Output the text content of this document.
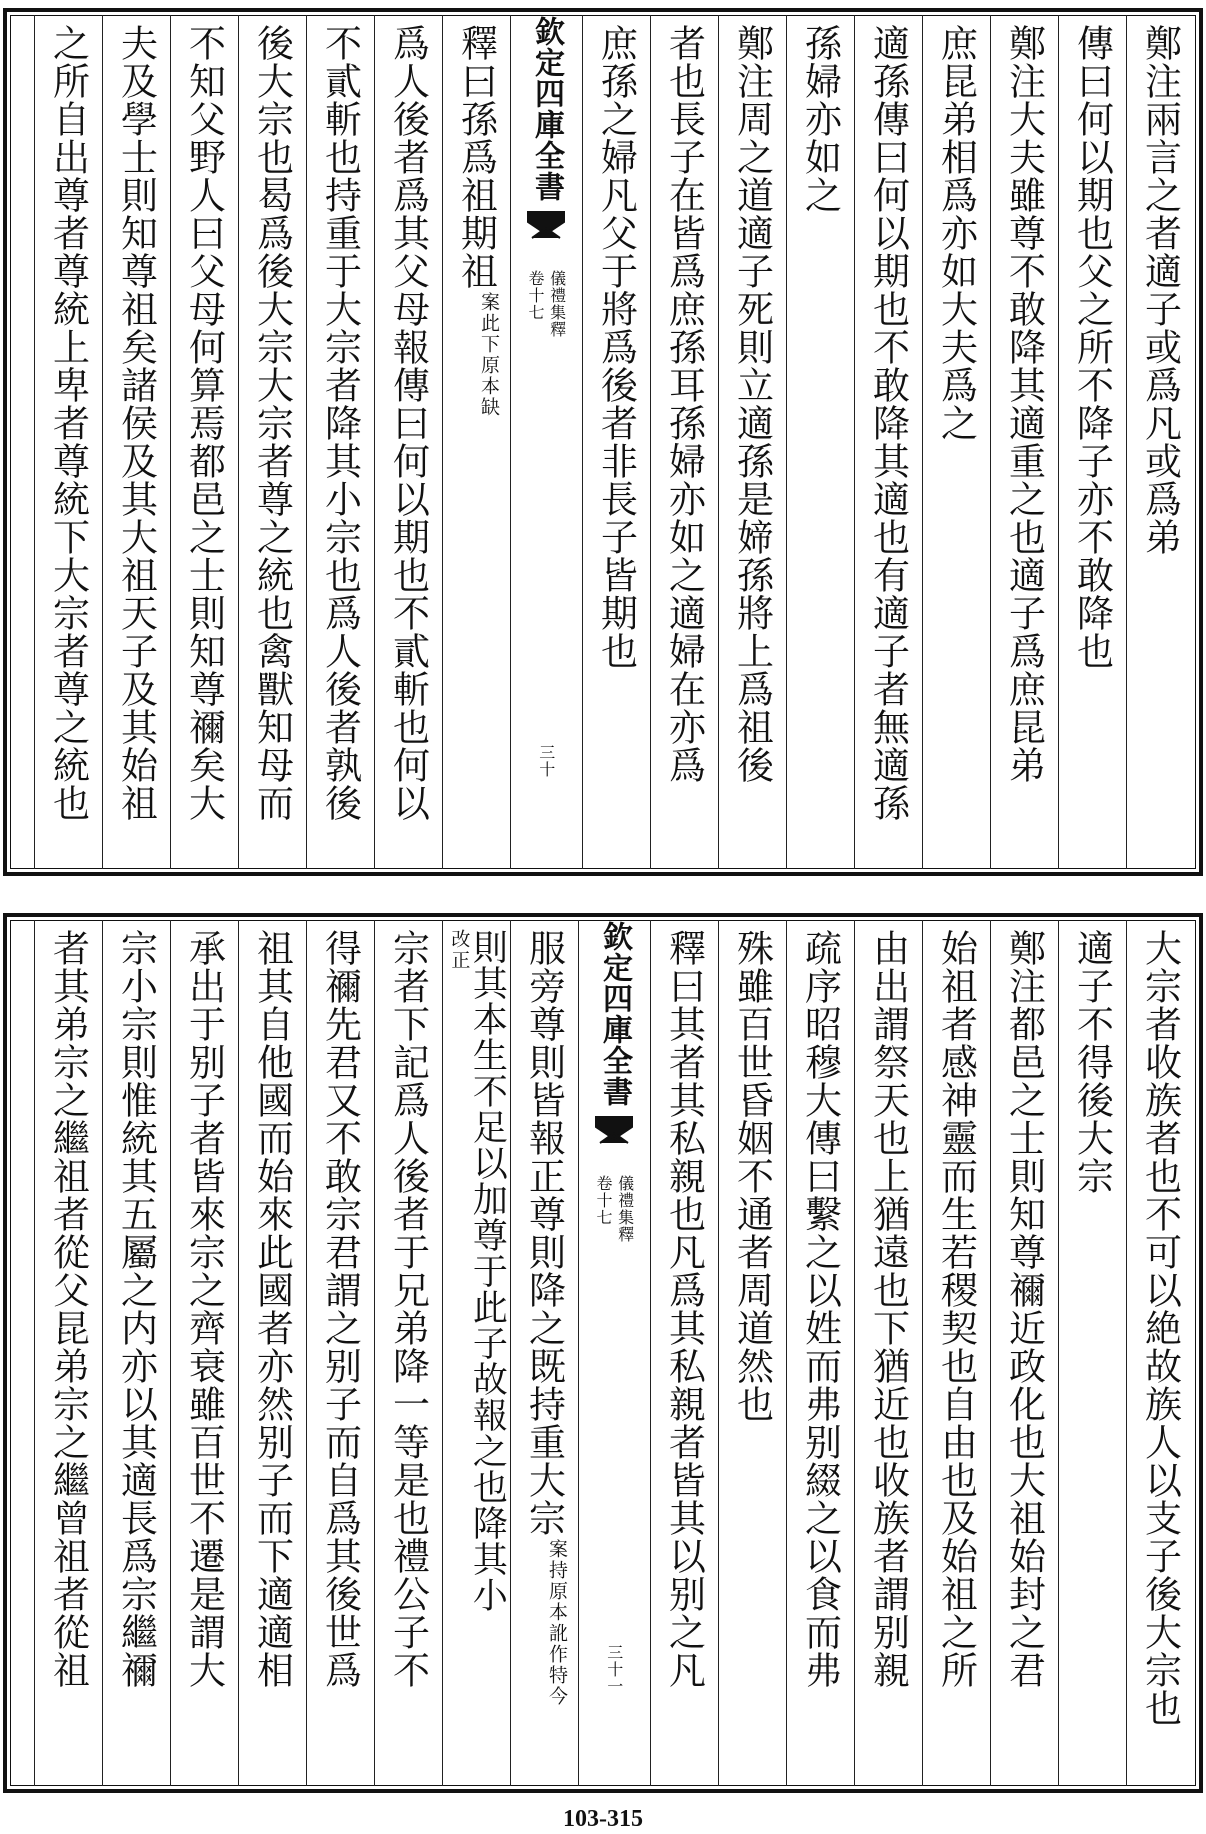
鄭注兩言之者適子或爲凡或爲弟
傳曰何以期也父之所不降子亦不敢降也
鄭注大夫雖尊不敢降其適重之也適子爲庶昆弟
庶昆弟相爲亦如大夫爲之
適孫傳曰何以期也不敢降其適也有適子者無適孫
孫婦亦如之
鄭注周之道適子死則立適孫是媂孫將上爲祖後
者也長子在皆爲庶孫耳孫婦亦如之適婦在亦爲
庶孫之婦凡父于將爲後者非長子皆期也
欽定四庫全書
儀禮集釋
卷十七
三十
釋曰孫爲祖期祖
案此下原本缺
爲人後者爲其父母報傳曰何以期也不貳斬也何以
不貳斬也持重于大宗者降其小宗也爲人後者孰後
後大宗也曷爲後大宗大宗者尊之統也禽獸知母而
不知父野人曰父母何算焉都邑之士則知尊禰矣大
夫及學士則知尊祖矣諸侯及其大祖天子及其始祖
之所自出尊者尊統上卑者尊統下大宗者尊之統也
大宗者收族者也不可以絶故族人以支子後大宗也
適子不得後大宗
鄭注都邑之士則知尊禰近政化也大祖始封之君
始祖者感神靈而生若稷契也自由也及始祖之所
由出謂祭天也上猶遠也下猶近也收族者謂别親
疏序昭穆大傳曰繫之以姓而弗别綴之以食而弗
殊雖百世昏姻不通者周道然也
釋曰其者其私親也凡爲其私親者皆其以别之凡
欽定四庫全書
儀禮集釋
卷十七
三十一
服旁尊則皆報正尊則降之既持重大宗
案持原本訛作特今
則其本生不足以加尊于此子故報之也降其小
改正
宗者下記爲人後者于兄弟降一等是也禮公子不
得禰先君又不敢宗君謂之别子而自爲其後世爲
祖其自他國而始來此國者亦然别子而下適適相
承出于别子者皆來宗之齊衰雖百世不遷是謂大
宗小宗則惟統其五屬之内亦以其適長爲宗繼禰
者其弟宗之繼祖者從父昆弟宗之繼曾祖者從祖
103-315
